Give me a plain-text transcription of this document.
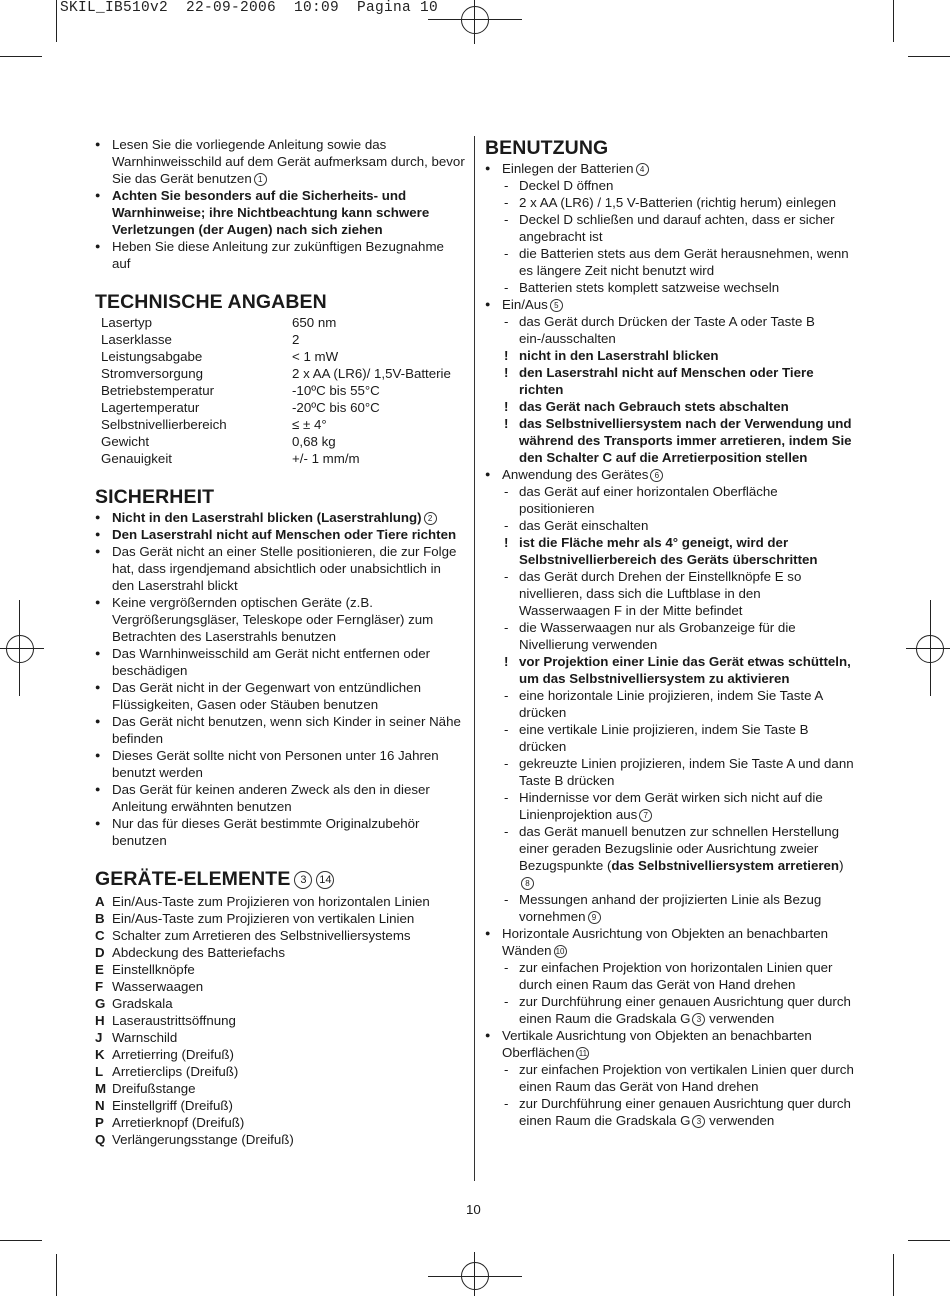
SKIL_IB510v2  22-09-2006  10:09  Pagina 10
● Lesen Sie die vorliegende Anleitung sowie das Warnhinweisschild auf dem Gerät aufmerksam durch, bevor Sie das Gerät benutzen 1
● Achten Sie besonders auf die Sicherheits- und Warnhinweise; ihre Nichtbeachtung kann schwere Verletzungen (der Augen) nach sich ziehen
● Heben Sie diese Anleitung zur zukünftigen Bezugnahme auf
TECHNISCHE ANGABEN
Lasertyp	650 nm
Laserklasse	2
Leistungsabgabe	< 1 mW
Stromversorgung	2 x AA (LR6)/ 1,5V-Batterie
Betriebstemperatur	-10ºC bis 55°C
Lagertemperatur	-20ºC bis 60°C
Selbstnivellierbereich	≤ ± 4°
Gewicht	0,68 kg
Genauigkeit	+/- 1 mm/m
SICHERHEIT
● Nicht in den Laserstrahl blicken (Laserstrahlung) 2
● Den Laserstrahl nicht auf Menschen oder Tiere richten
● Das Gerät nicht an einer Stelle positionieren, die zur Folge hat, dass irgendjemand absichtlich oder unabsichtlich in den Laserstrahl blickt
● Keine vergrößernden optischen Geräte (z.B. Vergrößerungsgläser, Teleskope oder Ferngläser) zum Betrachten des Laserstrahls benutzen
● Das Warnhinweisschild am Gerät nicht entfernen oder beschädigen
● Das Gerät nicht in der Gegenwart von entzündlichen Flüssigkeiten, Gasen oder Stäuben benutzen
● Das Gerät nicht benutzen, wenn sich Kinder in seiner Nähe befinden
● Dieses Gerät sollte nicht von Personen unter 16 Jahren benutzt werden
● Das Gerät für keinen anderen Zweck als den in dieser Anleitung erwähnten benutzen
● Nur das für dieses Gerät bestimmte Originalzubehör benutzen
GERÄTE-ELEMENTE 3 14
A Ein/Aus-Taste zum Projizieren von horizontalen Linien
B Ein/Aus-Taste zum Projizieren von vertikalen Linien
C Schalter zum Arretieren des Selbstnivelliersystems
D Abdeckung des Batteriefachs
E Einstellknöpfe
F Wasserwaagen
G Gradskala
H Laseraustrittsöffnung
J Warnschild
K Arretierring (Dreifuß)
L Arretierclips (Dreifuß)
M Dreifußstange
N Einstellgriff (Dreifuß)
P Arretierknopf (Dreifuß)
Q Verlängerungsstange (Dreifuß)
BENUTZUNG
● Einlegen der Batterien 4
- Deckel D öffnen
- 2 x AA (LR6) / 1,5 V-Batterien (richtig herum) einlegen
- Deckel D schließen und darauf achten, dass er sicher angebracht ist
- die Batterien stets aus dem Gerät herausnehmen, wenn es längere Zeit nicht benutzt wird
- Batterien stets komplett satzweise wechseln
● Ein/Aus 5
- das Gerät durch Drücken der Taste A oder Taste B ein-/ausschalten
! nicht in den Laserstrahl blicken
! den Laserstrahl nicht auf Menschen oder Tiere richten
! das Gerät nach Gebrauch stets abschalten
! das Selbstnivelliersystem nach der Verwendung und während des Transports immer arretieren, indem Sie den Schalter C auf die Arretierposition stellen
● Anwendung des Gerätes 6
- das Gerät auf einer horizontalen Oberfläche positionieren
- das Gerät einschalten
! ist die Fläche mehr als 4° geneigt, wird der Selbstnivellierbereich des Geräts überschritten
- das Gerät durch Drehen der Einstellknöpfe E so nivellieren, dass sich die Luftblase in den Wasserwaagen F in der Mitte befindet
- die Wasserwaagen nur als Grobanzeige für die Nivellierung verwenden
! vor Projektion einer Linie das Gerät etwas schütteln, um das Selbstnivelliersystem zu aktivieren
- eine horizontale Linie projizieren, indem Sie Taste A drücken
- eine vertikale Linie projizieren, indem Sie Taste B drücken
- gekreuzte Linien projizieren, indem Sie Taste A und dann Taste B drücken
- Hindernisse vor dem Gerät wirken sich nicht auf die Linienprojektion aus 7
- das Gerät manuell benutzen zur schnellen Herstellung einer geraden Bezugslinie oder Ausrichtung zweier Bezugspunkte (das Selbstnivelliersystem arretieren)8
- Messungen anhand der projizierten Linie als Bezug vornehmen 9
● Horizontale Ausrichtung von Objekten an benachbarten Wänden 10
- zur einfachen Projektion von horizontalen Linien quer durch einen Raum das Gerät von Hand drehen
- zur Durchführung einer genauen Ausrichtung quer durch einen Raum die Gradskala G 3 verwenden
● Vertikale Ausrichtung von Objekten an benachbarten Oberflächen 11
- zur einfachen Projektion von vertikalen Linien quer durch einen Raum das Gerät von Hand drehen
- zur Durchführung einer genauen Ausrichtung quer durch einen Raum die Gradskala G 3 verwenden
10
